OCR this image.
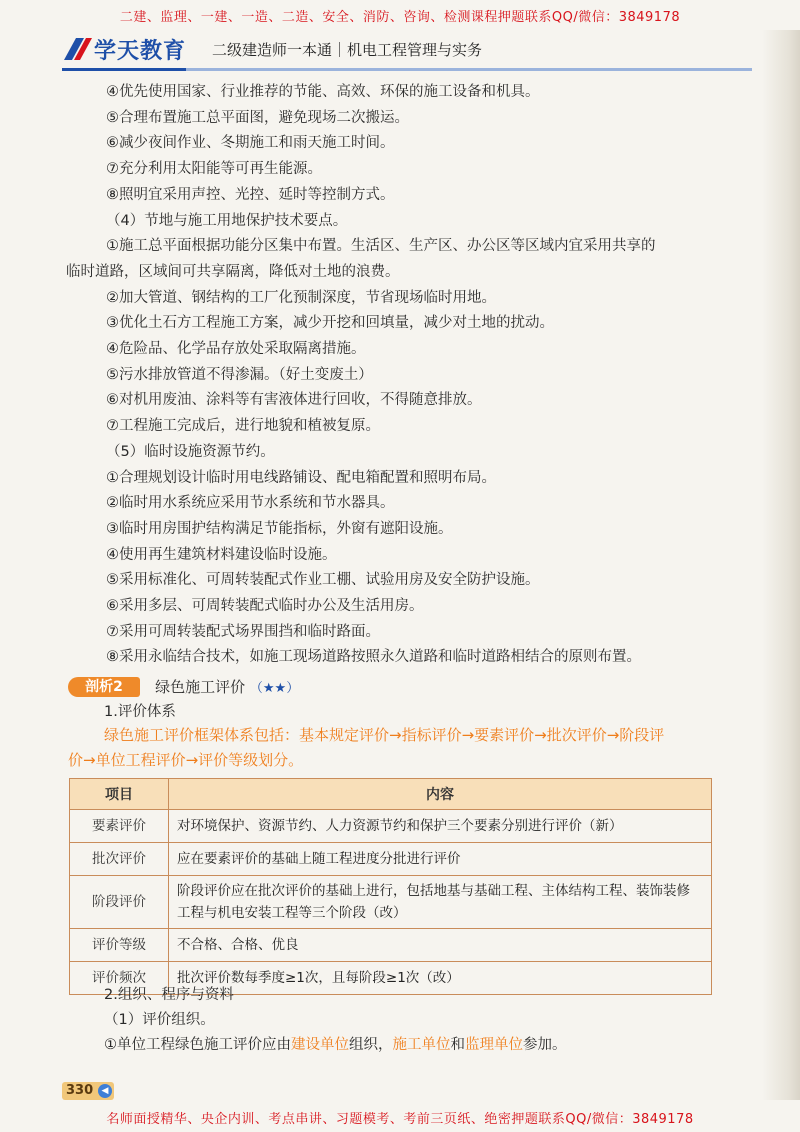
二建、监理、一建、一造、二造、安全、消防、咨询、检测课程押题联系QQ/微信：3849178
学天教育 二级建造师一本通｜机电工程管理与实务

④优先使用国家、行业推荐的节能、高效、环保的施工设备和机具。

⑤合理布置施工总平面图，避免现场二次搬运。

⑥减少夜间作业、冬期施工和雨天施工时间。

⑦充分利用太阳能等可再生能源。

⑧照明宜采用声控、光控、延时等控制方式。

（4）节地与施工用地保护技术要点。

①施工总平面根据功能分区集中布置。生活区、生产区、办公区等区域内宜采用共享的

临时道路，区域间可共享隔离，降低对土地的浪费。

②加大管道、钢结构的工厂化预制深度，节省现场临时用地。

③优化土石方工程施工方案，减少开挖和回填量，减少对土地的扰动。

④危险品、化学品存放处采取隔离措施。

⑤污水排放管道不得渗漏。（好土变废土）

⑥对机用废油、涂料等有害液体进行回收，不得随意排放。

⑦工程施工完成后，进行地貌和植被复原。

（5）临时设施资源节约。

①合理规划设计临时用电线路铺设、配电箱配置和照明布局。

②临时用水系统应采用节水系统和节水器具。

③临时用房围护结构满足节能指标，外窗有遮阳设施。

④使用再生建筑材料建设临时设施。

⑤采用标准化、可周转装配式作业工棚、试验用房及安全防护设施。

⑥采用多层、可周转装配式临时办公及生活用房。

⑦采用可周转装配式场界围挡和临时路面。

⑧采用永临结合技术，如施工现场道路按照永久道路和临时道路相结合的原则布置。

剖析2 绿色施工评价 （★★）
1.评价体系
绿色施工评价框架体系包括：基本规定评价→指标评价→要素评价→批次评价→阶段评
价→单位工程评价→评价等级划分。
项目	内容
要素评价	对环境保护、资源节约、人力资源节约和保护三个要素分别进行评价（新）
批次评价	应在要素评价的基础上随工程进度分批进行评价
阶段评价	阶段评价应在批次评价的基础上进行，包括地基与基础工程、主体结构工程、装饰装修工程与机电安装工程等三个阶段（改）
评价等级	不合格、合格、优良
评价频次	批次评价数每季度≥1次，且每阶段≥1次（改）
2.组织、程序与资料
（1）评价组织。
①单位工程绿色施工评价应由建设单位组织，施工单位和监理单位参加。
330 ◀
名师面授精华、央企内训、考点串讲、习题模考、考前三页纸、绝密押题联系QQ/微信：3849178
